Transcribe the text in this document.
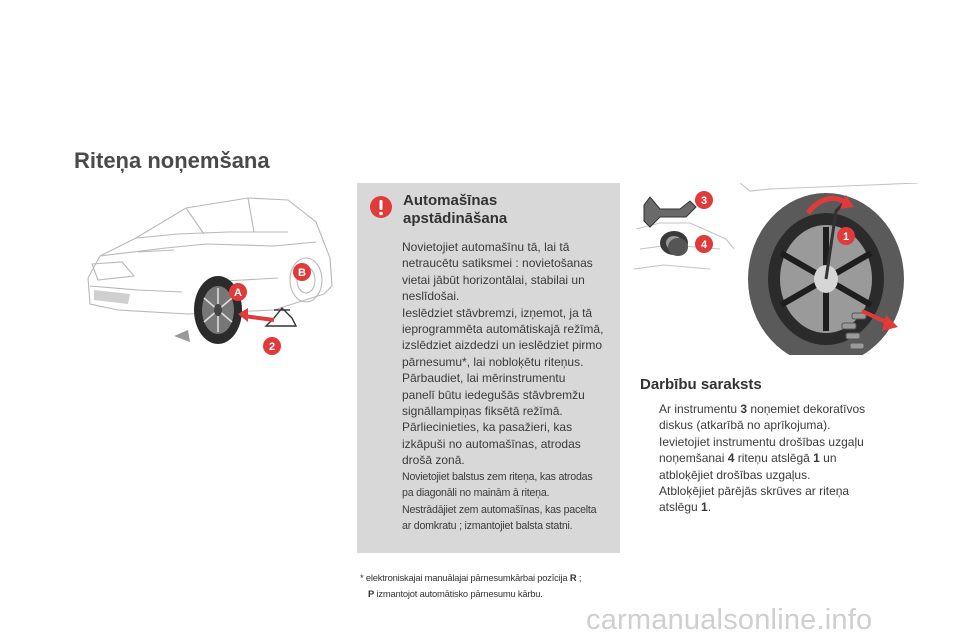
Riteņa noņemšana
A
B
2

Automašīnas

apstādināšana

Novietojiet automašīnu tā, lai tā

netraucētu satiksmei : novietošanas

vietai jābūt horizontālai, stabilai un

neslīdošai.

Ieslēdziet stāvbremzi, izņemot, ja tā

ieprogrammēta automātiskajā režīmā,

izslēdziet aizdedzi un ieslēdziet pirmo

pārnesumu*, lai nobloķētu riteņus.

Pārbaudiet, lai mērinstrumentu

panelī būtu iedegušās stāvbremžu

signāllampiņas fiksētā režīmā.

Pārliecinieties, ka pasažieri, kas

izkāpuši no automašīnas, atrodas

drošā zonā.

Novietojiet balstus zem riteņa, kas atrodas

pa diagonāli no mainām ā riteņa.

Nestrādājiet zem automašīnas, kas pacelta

ar domkratu ; izmantojiet balsta statni.

* elektroniskajai manuālajai pārnesumkārbai pozīcija R ;
P izmantojot automātisko pārnesumu kārbu.
3
4
1
Darbību saraksts
Ar instrumentu 3 noņemiet dekoratīvos diskus (atkarībā no aprīkojuma).
Ievietojiet instrumentu drošības uzgaļu noņemšanai 4 riteņu atslēgā 1 un atbloķējiet drošības uzgaļus.
Atbloķējiet pārējās skrūves ar riteņa atslēgu 1.
carmanualsonline.info
